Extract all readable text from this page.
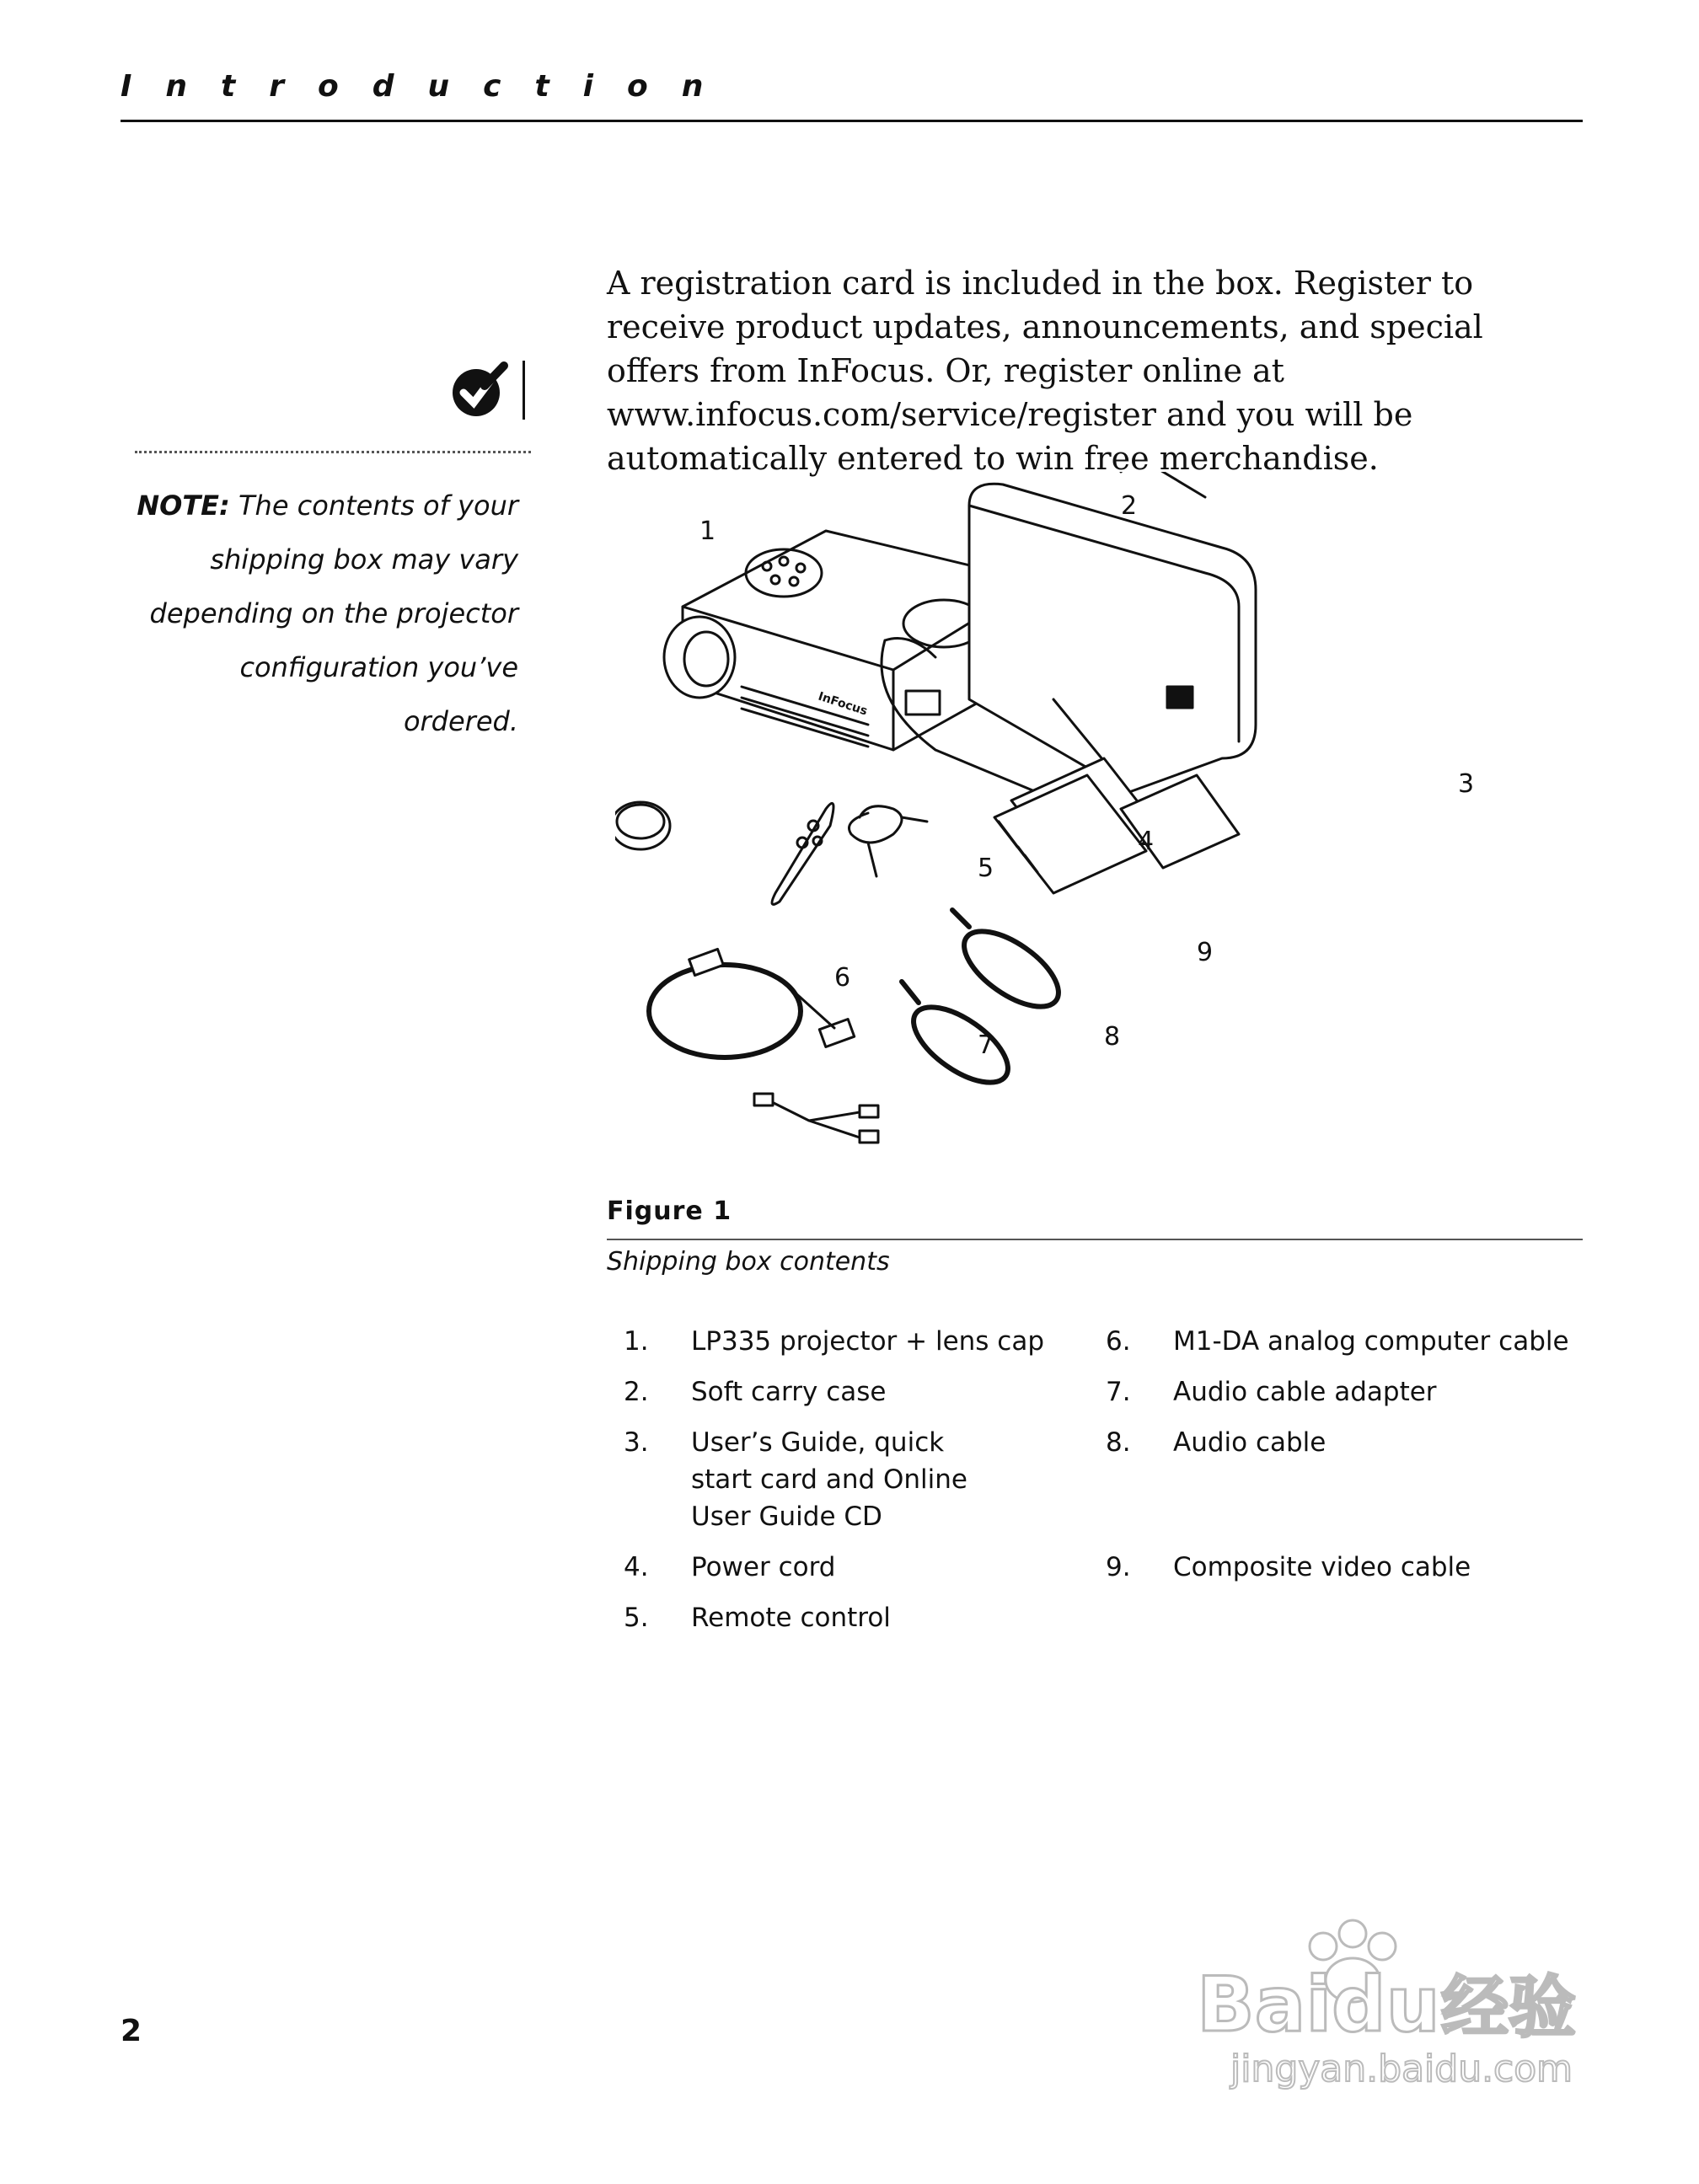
Introduction

A registration card is included in the box. Register to receive product updates, announcements, and special offers from InFocus. Or, register online at www.infocus.com/service/register and you will be automatically entered to win free merchandise.

NOTE: The contents of your shipping box may vary depending on the projector configuration you’ve ordered.
InFocus
1
2
3
4
5
6
7	8
9
Figure 1
Shipping box contents
1. LP335 projector + lens cap
2. Soft carry case
3. User’s Guide, quick start card and Online User Guide CD
4. Power cord
5. Remote control
6. M1-DA analog computer cable
7. Audio cable adapter
8. Audio cable
9. Composite video cable
2	Baidu 经验
jingyan.baidu.com
